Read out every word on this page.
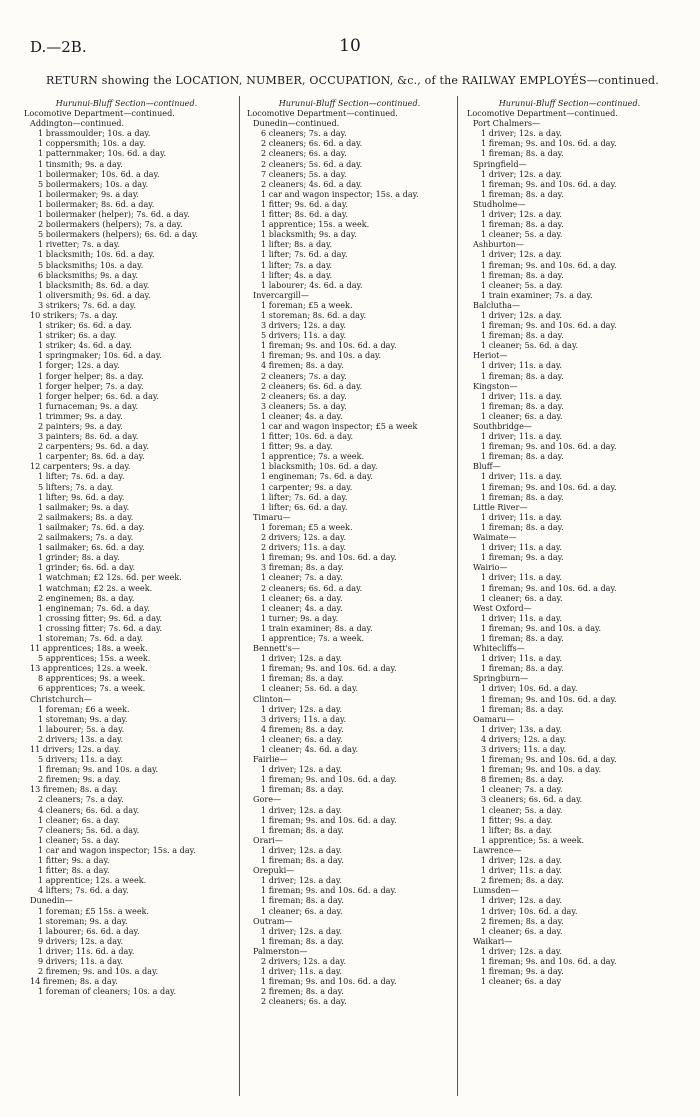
D.—2B.	10
RETURN showing the LOCATION, NUMBER, OCCUPATION, &c., of the RAILWAY EMPLOYÉS—continued.
Hurunui-Bluff Section—continued.
Locomotive Department—continued.
Addington—continued.
1 brassmoulder; 10s. a day.
1 coppersmith; 10s. a day.
1 patternmaker; 10s. 6d. a day.
1 tinsmith; 9s. a day.
1 boilermaker; 10s. 6d. a day.
5 boilermakers; 10s. a day.
1 boilermaker; 9s. a day.
1 boilermaker; 8s. 6d. a day.
1 boilermaker (helper); 7s. 6d. a day.
2 boilermakers (helpers); 7s. a day.
5 boilermakers (helpers); 6s. 6d. a day.
1 rivetter; 7s. a day.
1 blacksmith; 10s. 6d. a day.
5 blacksmiths; 10s. a day.
6 blacksmiths; 9s. a day.
1 blacksmith; 8s. 6d. a day.
1 oliversmith; 9s. 6d. a day.
3 strikers; 7s. 6d. a day.
10 strikers; 7s. a day.
1 striker; 6s. 6d. a day.
1 striker; 6s. a day.
1 striker; 4s. 6d. a day.
1 springmaker; 10s. 6d. a day.
1 forger; 12s. a day.
1 forger helper; 8s. a day.
1 forger helper; 7s. a day.
1 forger helper; 6s. 6d. a day.
1 furnaceman; 9s. a day.
1 trimmer; 9s. a day.
2 painters; 9s. a day.
3 painters; 8s. 6d. a day.
2 carpenters; 9s. 6d. a day.
1 carpenter; 8s. 6d. a day.
12 carpenters; 9s. a day.
1 lifter; 7s. 6d. a day.
5 lifters; 7s. a day.
1 lifter; 9s. 6d. a day.
1 sailmaker; 9s. a day.
2 sailmakers; 8s. a day.
1 sailmaker; 7s. 6d. a day.
2 sailmakers; 7s. a day.
1 sailmaker; 6s. 6d. a day.
1 grinder; 8s. a day.
1 grinder; 6s. 6d. a day.
1 watchman; £2 12s. 6d. per week.
1 watchman; £2 2s. a week.
2 enginemen; 8s. a day.
1 engineman; 7s. 6d. a day.
1 crossing fitter; 9s. 6d. a day.
1 crossing fitter; 7s. 6d. a day.
1 storeman; 7s. 6d. a day.
11 apprentices; 18s. a week.
5 apprentices; 15s. a week.
13 apprentices; 12s. a week.
8 apprentices; 9s. a week.
6 apprentices; 7s. a week.
Christchurch—
1 foreman; £6 a week.
1 storeman; 9s. a day.
1 labourer; 5s. a day.
2 drivers; 13s. a day.
11 drivers; 12s. a day.
5 drivers; 11s. a day.
1 fireman; 9s. and 10s. a day.
2 firemen; 9s. a day.
13 firemen; 8s. a day.
2 cleaners; 7s. a day.
4 cleaners; 6s. 6d. a day.
1 cleaner; 6s. a day.
7 cleaners; 5s. 6d. a day.
1 cleaner; 5s. a day.
1 car and wagon inspector; 15s. a day.
1 fitter; 9s. a day.
1 fitter; 8s. a day.
1 apprentice; 12s. a week.
4 lifters; 7s. 6d. a day.
Dunedin—
1 foreman; £5 15s. a week.
1 storeman; 9s. a day.
1 labourer; 6s. 6d. a day.
9 drivers; 12s. a day.
1 driver; 11s. 6d. a day.
9 drivers; 11s. a day.
2 firemen; 9s. and 10s. a day.
14 firemen; 8s. a day.
1 foreman of cleaners; 10s. a day.
Hurunui-Bluff Section—continued.
Locomotive Department—continued.
Dunedin—continued.
6 cleaners; 7s. a day.
2 cleaners; 6s. 6d. a day.
2 cleaners; 6s. a day.
2 cleaners; 5s. 6d. a day.
7 cleaners; 5s. a day.
2 cleaners; 4s. 6d. a day.
1 car and wagon inspector; 15s. a day.
1 fitter; 9s. 6d. a day.
1 fitter; 8s. 6d. a day.
1 apprentice; 15s. a week.
1 blacksmith; 9s. a day.
1 lifter; 8s. a day.
1 lifter; 7s. 6d. a day.
1 lifter; 7s. a day.
1 lifter; 4s. a day.
1 labourer; 4s. 6d. a day.
Invercargill—
1 foreman; £5 a week.
1 storeman; 8s. 6d. a day.
3 drivers; 12s. a day.
5 drivers; 11s. a day.
1 fireman; 9s. and 10s. 6d. a day.
1 fireman; 9s. and 10s. a day.
4 firemen; 8s. a day.
2 cleaners; 7s. a day.
2 cleaners; 6s. 6d. a day.
2 cleaners; 6s. a day.
3 cleaners; 5s. a day.
1 cleaner; 4s. a day.
1 car and wagon inspector; £5 a week
1 fitter; 10s. 6d. a day.
1 fitter; 9s. a day.
1 apprentice; 7s. a week.
1 blacksmith; 10s. 6d. a day.
1 engineman; 7s. 6d. a day.
1 carpenter; 9s. a day.
1 lifter; 7s. 6d. a day.
1 lifter; 6s. 6d. a day.
Timaru—
1 foreman; £5 a week.
2 drivers; 12s. a day.
2 drivers; 11s. a day.
1 fireman; 9s. and 10s. 6d. a day.
3 fireman; 8s. a day.
1 cleaner; 7s. a day.
2 cleaners; 6s. 6d. a day.
1 cleaner; 6s. a day.
1 cleaner; 4s. a day.
1 turner; 9s. a day.
1 train examiner; 8s. a day.
1 apprentice; 7s. a week.
Bennett's—
1 driver; 12s. a day.
1 fireman; 9s. and 10s. 6d. a day.
1 fireman; 8s. a day.
1 cleaner; 5s. 6d. a day.
Clinton—
1 driver; 12s. a day.
3 drivers; 11s. a day.
4 firemen; 8s. a day.
1 cleaner; 6s. a day.
1 cleaner; 4s. 6d. a day.
Fairlie—
1 driver; 12s. a day.
1 fireman; 9s. and 10s. 6d. a day.
1 fireman; 8s. a day.
Gore—
1 driver; 12s. a day.
1 fireman; 9s. and 10s. 6d. a day.
1 fireman; 8s. a day.
Orari—
1 driver; 12s. a day.
1 fireman; 8s. a day.
Orepuki—
1 driver; 12s. a day.
1 fireman; 9s. and 10s. 6d. a day.
1 fireman; 8s. a day.
1 cleaner; 6s. a day.
Outram—
1 driver; 12s. a day.
1 fireman; 8s. a day.
Palmerston—
2 drivers; 12s. a day.
1 driver; 11s. a day.
1 fireman; 9s. and 10s. 6d. a day.
2 firemen; 8s. a day.
2 cleaners; 6s. a day.
Hurunui-Bluff Section—continued.
Locomotive Department—continued.
Port Chalmers—
1 driver; 12s. a day.
1 fireman; 9s. and 10s. 6d. a day.
1 fireman; 8s. a day.
Springfield—
1 driver; 12s. a day.
1 fireman; 9s. and 10s. 6d. a day.
1 fireman; 8s. a day.
Studholme—
1 driver; 12s. a day.
1 fireman; 8s. a day.
1 cleaner; 5s. a day.
Ashburton—
1 driver; 12s. a day.
1 fireman; 9s. and 10s. 6d. a day.
1 fireman; 8s. a day.
1 cleaner; 5s. a day.
1 train examiner; 7s. a day.
Balclutha—
1 driver; 12s. a day.
1 fireman; 9s. and 10s. 6d. a day.
1 fireman; 8s. a day.
1 cleaner; 5s. 6d. a day.
Heriot—
1 driver; 11s. a day.
1 fireman; 8s. a day.
Kingston—
1 driver; 11s. a day.
1 fireman; 8s. a day.
1 cleaner; 6s. a day.
Southbridge—
1 driver; 11s. a day.
1 fireman; 9s. and 10s. 6d. a day.
1 fireman; 8s. a day.
Bluff—
1 driver; 11s. a day.
1 fireman; 9s. and 10s. 6d. a day.
1 fireman; 8s. a day.
Little River—
1 driver; 11s. a day.
1 fireman; 8s. a day.
Waimate—
1 driver; 11s. a day.
1 fireman; 9s. a day.
Wairio—
1 driver; 11s. a day.
1 fireman; 9s. and 10s. 6d. a day.
1 cleaner; 6s. a day.
West Oxford—
1 driver; 11s. a day.
1 fireman; 9s. and 10s. a day.
1 fireman; 8s. a day.
Whitecliffs—
1 driver; 11s. a day.
1 fireman; 8s. a day.
Springburn—
1 driver; 10s. 6d. a day.
1 fireman; 9s. and 10s. 6d. a day.
1 fireman; 8s. a day.
Oamaru—
1 driver; 13s. a day.
4 drivers; 12s. a day.
3 drivers; 11s. a day.
1 fireman; 9s. and 10s. 6d. a day.
1 fireman; 9s. and 10s. a day.
8 firemen; 8s. a day.
1 cleaner; 7s. a day.
3 cleaners; 6s. 6d. a day.
1 cleaner; 5s. a day.
1 fitter; 9s. a day.
1 lifter; 8s. a day.
1 apprentice; 5s. a week.
Lawrence—
1 driver; 12s. a day.
1 driver; 11s. a day.
2 firemen; 8s. a day.
Lumsden—
1 driver; 12s. a day.
1 driver; 10s. 6d. a day.
2 firemen; 8s. a day.
1 cleaner; 6s. a day.
Waikari—
1 driver; 12s. a day.
1 fireman; 9s. and 10s. 6d. a day.
1 fireman; 9s. a day.
1 cleaner; 6s. a day
